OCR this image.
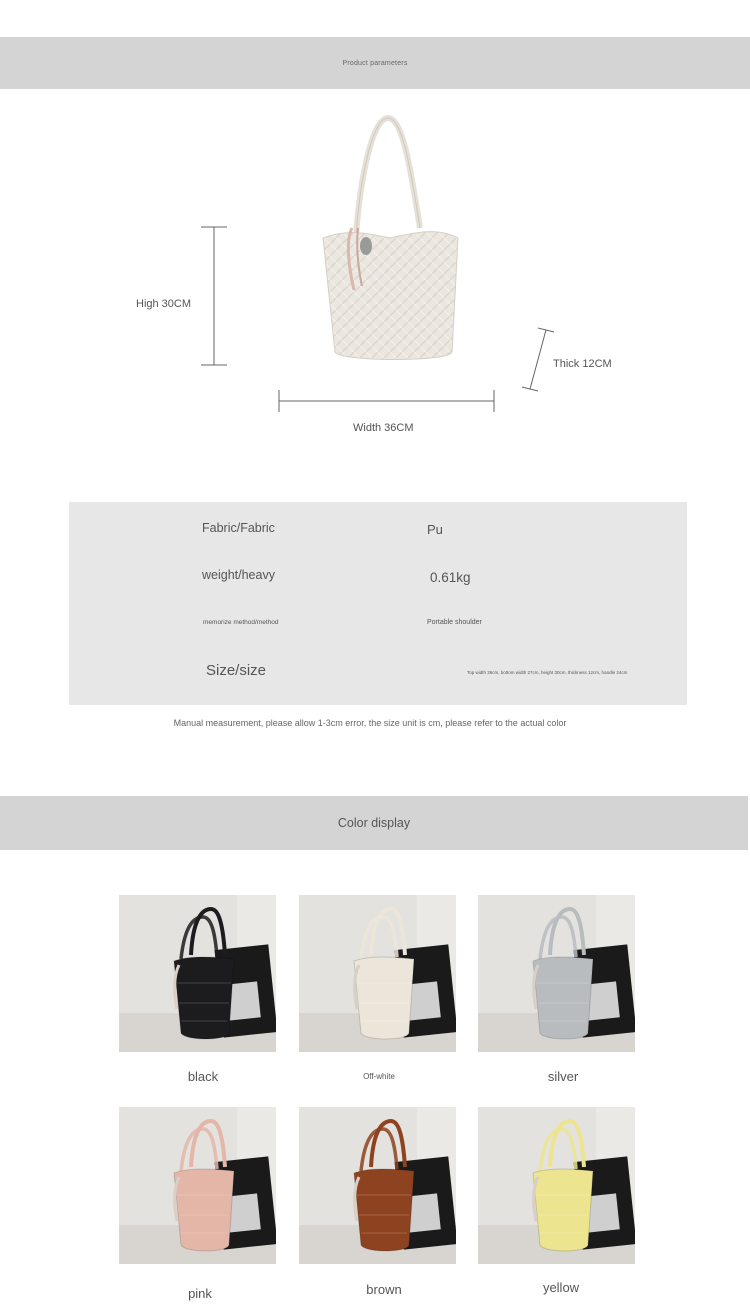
Product parameters
High 30CM
Width 36CM
Thick 12CM
Fabric/Fabric	Pu
weight/heavy	0.61kg
memorize method/method	Portable shoulder
Size/size	Top width 36cm, bottom width 27cm, height 30cm, thickness 12cm, handle 24cm
Manual measurement, please allow 1-3cm error, the size unit is cm, please refer to the actual color
Color display
black	Off-white	silver
pink	brown	yellow
